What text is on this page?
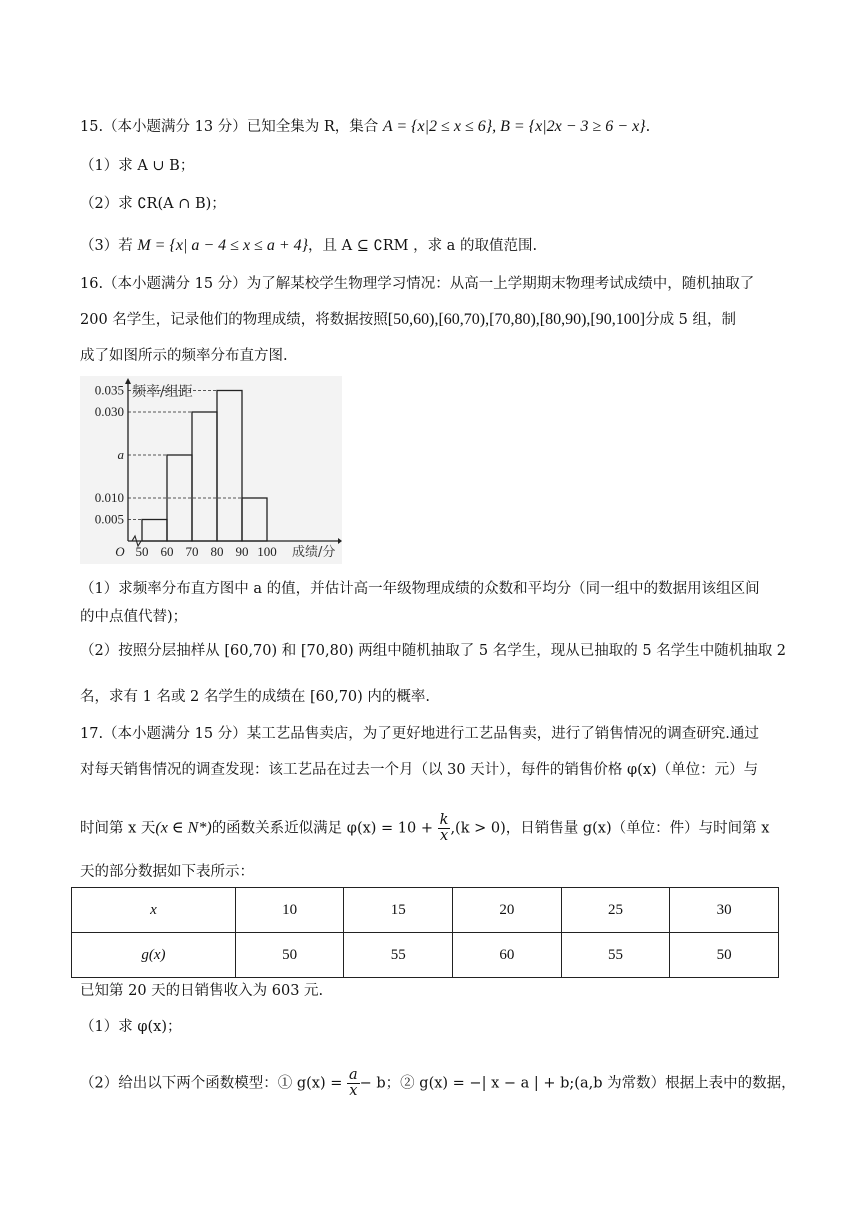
15.（本小题满分 13 分）已知全集为 R，集合 A = {x|2 ≤ x ≤ 6}, B = {x|2x − 3 ≥ 6 − x}.
（1）求 A ∪ B；
（2）求 ∁R(A ∩ B)；
（3）若 M = {x| a − 4 ≤ x ≤ a + 4}，且 A ⊆ ∁RM ，求 a 的取值范围.
16.（本小题满分 15 分）为了解某校学生物理学习情况：从高一上学期期末物理考试成绩中，随机抽取了
200 名学生，记录他们的物理成绩，将数据按照[50,60),[60,70),[70,80),[80,90),[90,100]分成 5 组，制
成了如图所示的频率分布直方图.
0.035
0.030
a
0.010
0.005
50 60 70 80 90 100
O
频率/组距
成绩/分
（1）求频率分布直方图中 a 的值，并估计高一年级物理成绩的众数和平均分（同一组中的数据用该组区间
的中点值代替)；
（2）按照分层抽样从 [60,70) 和 [70,80) 两组中随机抽取了 5 名学生，现从已抽取的 5 名学生中随机抽取 2
名，求有 1 名或 2 名学生的成绩在 [60,70) 内的概率.
17.（本小题满分 15 分）某工艺品售卖店，为了更好地进行工艺品售卖，进行了销售情况的调查研究.通过
对每天销售情况的调查发现：该工艺品在过去一个月（以 30 天计），每件的销售价格 φ(x)（单位：元）与
时间第 x 天(x ∈ N*)的函数关系近似满足 $\varphi(x) = 10 + \frac{k}{x} ,(k > 0)$，日销售量 g(x)（单位：件）与时间第 x
天的部分数据如下表所示：
x	10	15	20	25	30
g(x)	50	55	60	55	50
已知第 20 天的日销售收入为 603 元.
（1）求 φ(x)；
（2）给出以下两个函数模型：① $g(x) = \frac{a}{x} - b$；② g(x) = −| x − a | + b;(a,b 为常数）根据上表中的数据，
